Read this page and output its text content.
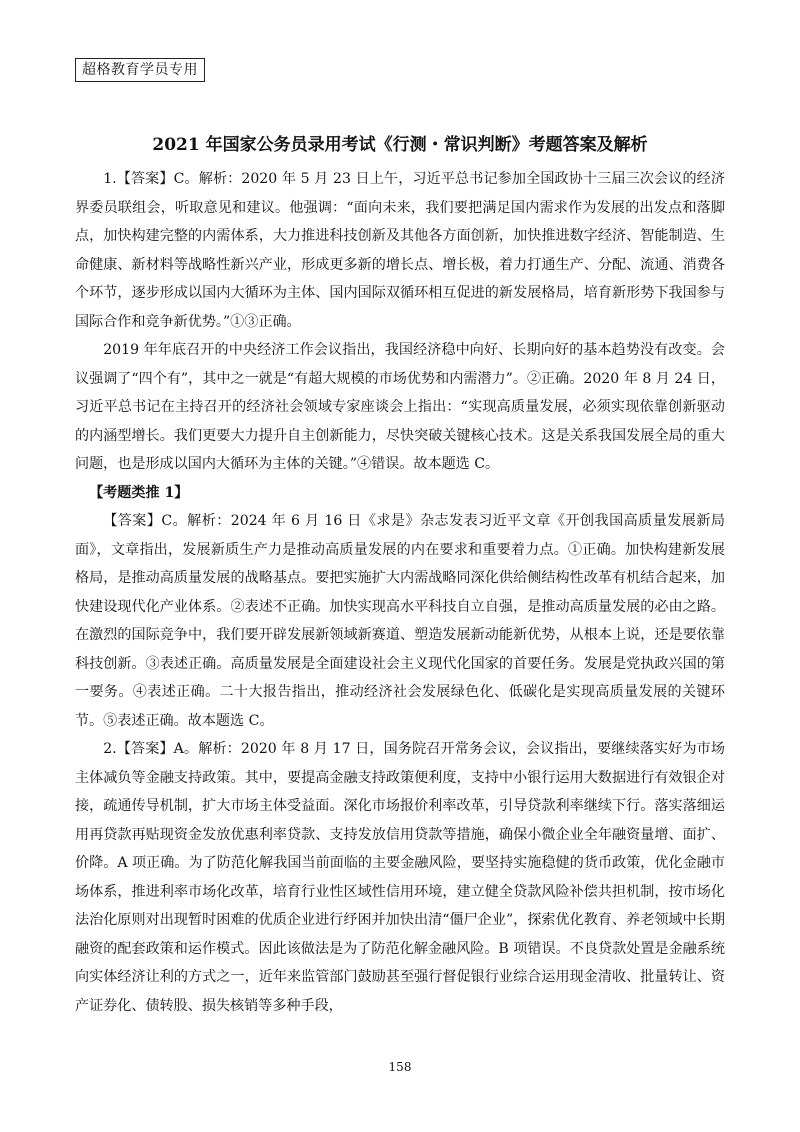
超格教育学员专用
2021 年国家公务员录用考试《行测・常识判断》考题答案及解析

1.【答案】C。解析：2020 年 5 月 23 日上午，习近平总书记参加全国政协十三届三次会议的经济界委员联组会，听取意见和建议。他强调：“面向未来，我们要把满足国内需求作为发展的出发点和落脚点，加快构建完整的内需体系，大力推进科技创新及其他各方面创新，加快推进数字经济、智能制造、生命健康、新材料等战略性新兴产业，形成更多新的增长点、增长极，着力打通生产、分配、流通、消费各个环节，逐步形成以国内大循环为主体、国内国际双循环相互促进的新发展格局，培育新形势下我国参与国际合作和竞争新优势。”①③正确。

2019 年年底召开的中央经济工作会议指出，我国经济稳中向好、长期向好的基本趋势没有改变。会议强调了“四个有”，其中之一就是“有超大规模的市场优势和内需潜力”。②正确。2020 年 8 月 24 日，习近平总书记在主持召开的经济社会领域专家座谈会上指出：“实现高质量发展，必须实现依靠创新驱动的内涵型增长。我们更要大力提升自主创新能力，尽快突破关键核心技术。这是关系我国发展全局的重大问题，也是形成以国内大循环为主体的关键。”④错误。故本题选 C。

【考题类推 1】

【答案】C。解析：2024 年 6 月 16 日《求是》杂志发表习近平文章《开创我国高质量发展新局面》，文章指出，发展新质生产力是推动高质量发展的内在要求和重要着力点。①正确。加快构建新发展格局，是推动高质量发展的战略基点。要把实施扩大内需战略同深化供给侧结构性改革有机结合起来，加快建设现代化产业体系。②表述不正确。加快实现高水平科技自立自强，是推动高质量发展的必由之路。在激烈的国际竞争中，我们要开辟发展新领域新赛道、塑造发展新动能新优势，从根本上说，还是要依靠科技创新。③表述正确。高质量发展是全面建设社会主义现代化国家的首要任务。发展是党执政兴国的第一要务。④表述正确。二十大报告指出，推动经济社会发展绿色化、低碳化是实现高质量发展的关键环节。⑤表述正确。故本题选 C。

2.【答案】A。解析：2020 年 8 月 17 日，国务院召开常务会议，会议指出，要继续落实好为市场主体减负等金融支持政策。其中，要提高金融支持政策便利度，支持中小银行运用大数据进行有效银企对接，疏通传导机制，扩大市场主体受益面。深化市场报价利率改革，引导贷款利率继续下行。落实落细运用再贷款再贴现资金发放优惠利率贷款、支持发放信用贷款等措施，确保小微企业全年融资量增、面扩、价降。A 项正确。为了防范化解我国当前面临的主要金融风险，要坚持实施稳健的货币政策，优化金融市场体系，推进利率市场化改革，培育行业性区域性信用环境，建立健全贷款风险补偿共担机制，按市场化法治化原则对出现暂时困难的优质企业进行纾困并加快出清“僵尸企业”，探索优化教育、养老领域中长期融资的配套政策和运作模式。因此该做法是为了防范化解金融风险。B 项错误。不良贷款处置是金融系统向实体经济让利的方式之一，近年来监管部门鼓励甚至强行督促银行业综合运用现金清收、批量转让、资产证券化、债转股、损失核销等多种手段，

158
